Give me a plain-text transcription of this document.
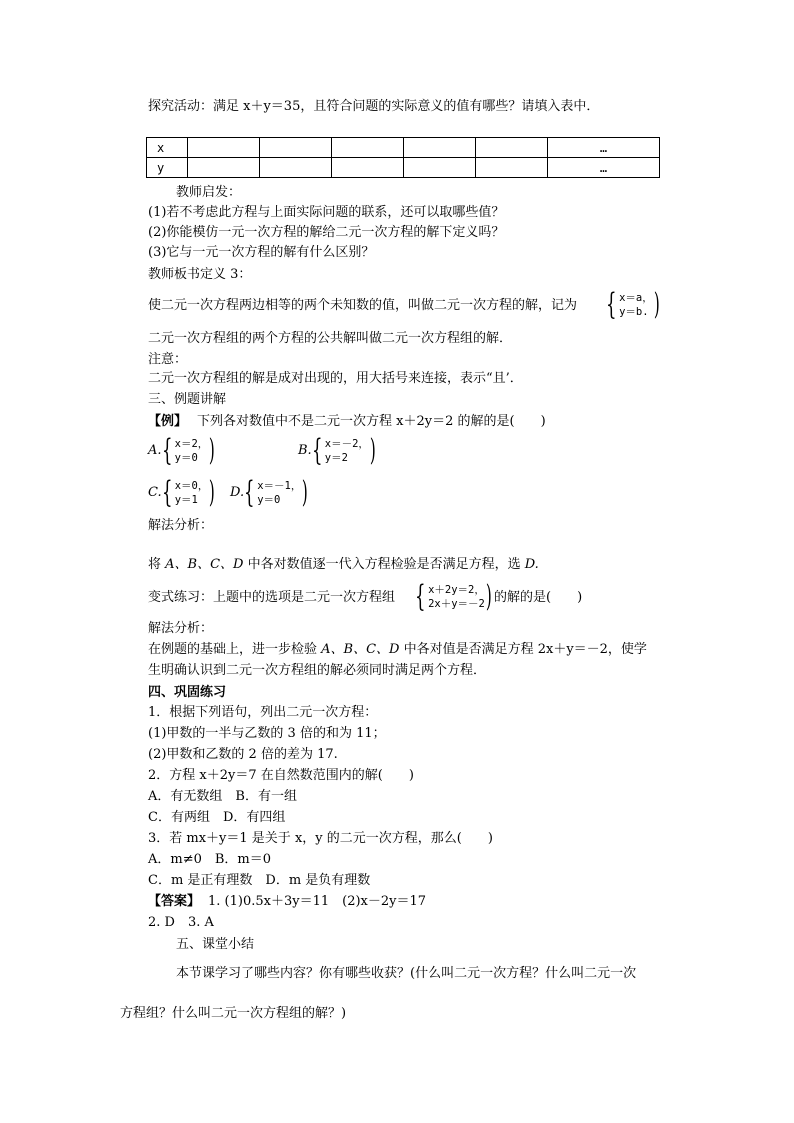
探究活动：满足 x＋y＝35，且符合问题的实际意义的值有哪些？请填入表中．
x						…
y						…
教师启发：
(1)若不考虑此方程与上面实际问题的联系，还可以取哪些值？
(2)你能模仿一元一次方程的解给二元一次方程的解下定义吗？
(3)它与一元一次方程的解有什么区别？
教师板书定义 3：
使二元一次方程两边相等的两个未知数的值，叫做二元一次方程的解，记为 { x＝a，
y＝b. )
二元一次方程组的两个方程的公共解叫做二元一次方程组的解．
注意：
二元一次方程组的解是成对出现的，用大括号来连接，表示“且’．
三、例题讲解
【例】 下列各对数值中不是二元一次方程 x＋2y＝2 的解的是(　　)
A. { x＝2，
y＝0 )	B. { x＝－2，
y＝2 )
C. { x＝0，
y＝1 ) D. { x＝－1，
y＝0 )
解法分析：
将 A、B、C、D 中各对数值逐一代入方程检验是否满足方程，选 D.
变式练习：上题中的选项是二元一次方程组 { x＋2y＝2，
2x＋y＝－2 ) 的解的是(　　)
解法分析：
在例题的基础上，进一步检验 A、B、C、D 中各对值是否满足方程 2x＋y＝－2，使学
生明确认识到二元一次方程组的解必须同时满足两个方程．
四、巩固练习
1．根据下列语句，列出二元一次方程：
(1)甲数的一半与乙数的 3 倍的和为 11；
(2)甲数和乙数的 2 倍的差为 17.
2．方程 x＋2y＝7 在自然数范围内的解(　　)
A．有无数组　B．有一组
C．有两组　D．有四组
3．若 mx＋y＝1 是关于 x，y 的二元一次方程，那么(　　)
A．m≠0　B．m＝0
C．m 是正有理数　D．m 是负有理数
【答案】 1. (1)0.5x＋3y＝11　(2)x－2y＝17
2. D　3. A
五、课堂小结
本节课学习了哪些内容？你有哪些收获？(什么叫二元一次方程？什么叫二元一次
方程组？什么叫二元一次方程组的解？)
